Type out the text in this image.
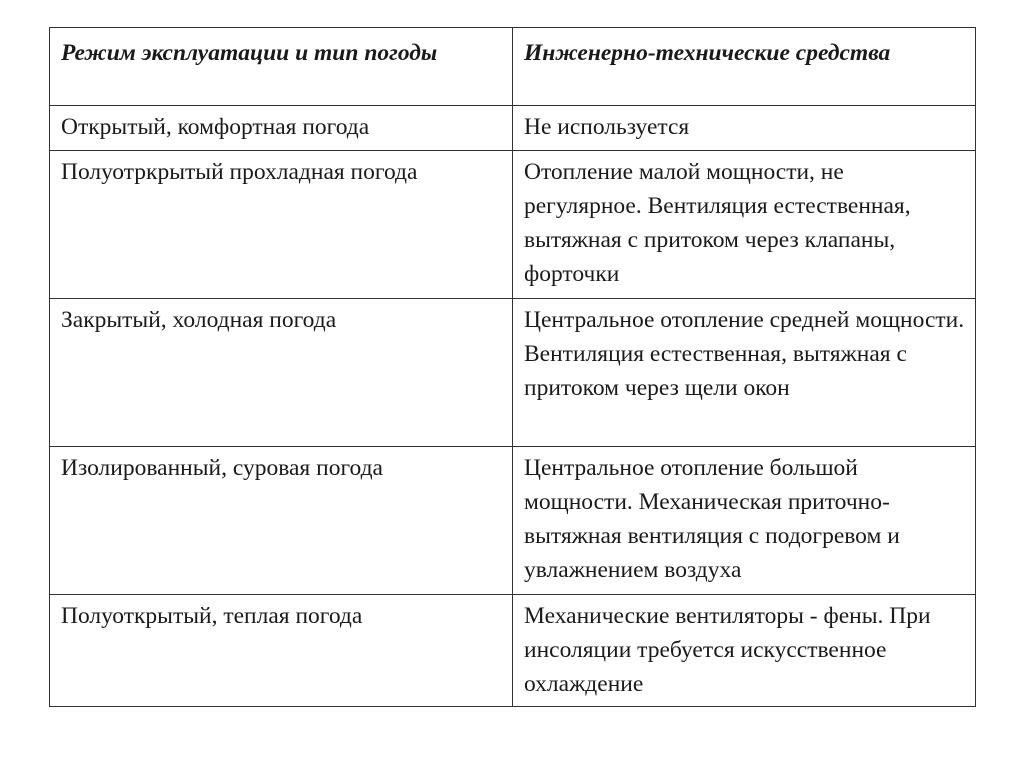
Режим эксплуатации и тип погоды	Инженерно-технические средства
Открытый, комфортная погода	Не используется
Полуотркрытый прохладная погода	Отопление малой мощности, не регулярное. Вентиляция естественная, вытяжная с притоком через клапаны, форточки
Закрытый, холодная погода	Центральное отопление средней мощности. Вентиляция естественная, вытяжная с притоком через щели окон
Изолированный, суровая погода	Центральное отопление большой мощности. Механическая приточно-вытяжная вентиляция с подогревом и увлажнением воздуха
Полуоткрытый, теплая погода	Механические вентиляторы - фены. При инсоляции требуется искусственное охлаждение
